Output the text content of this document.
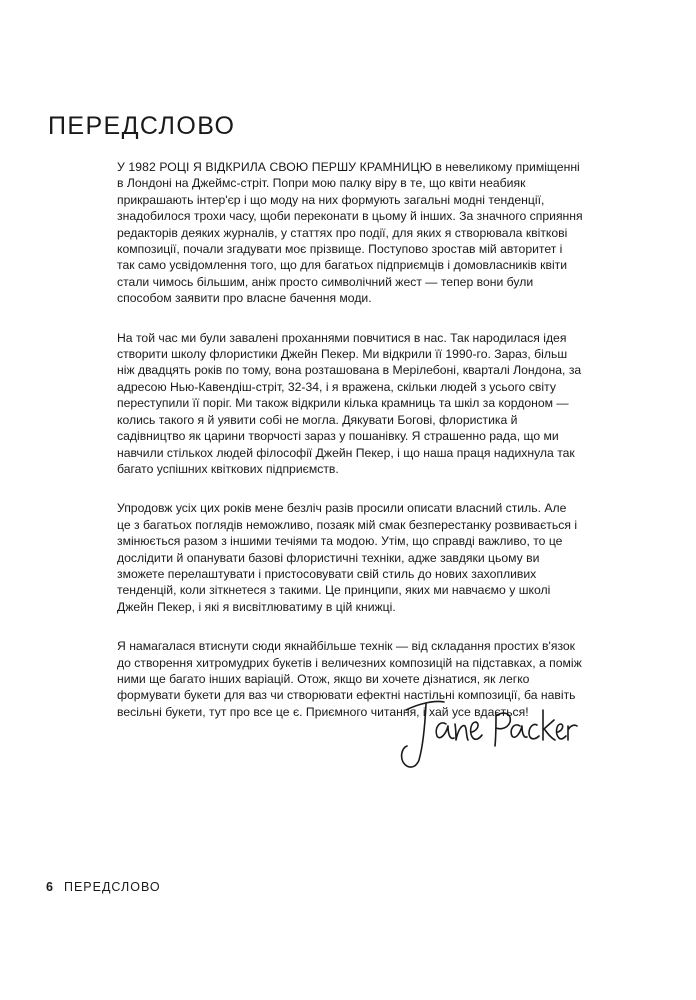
ПЕРЕДСЛОВО

У 1982 РОЦІ Я ВІДКРИЛА СВОЮ ПЕРШУ КРАМНИЦЮ в невеликому приміщенні в Лондоні на Джеймс-стріт. Попри мою палку віру в те, що квіти неабияк прикрашають інтер'єр і що моду на них формують загальні модні тенденції, знадобилося трохи часу, щоби переконати в цьому й інших. За значного сприяння редакторів деяких журналів, у статтях про події, для яких я створювала квіткові композиції, почали згадувати моє прізвище. Поступово зростав мій авторитет і так само усвідомлення того, що для багатьох підприємців і домовласників квіти стали чимось більшим, аніж просто символічний жест — тепер вони були способом заявити про власне бачення моди.

На той час ми були завалені проханнями повчитися в нас. Так народилася ідея створити школу флористики Джейн Пекер. Ми відкрили її 1990-го. Зараз, більш ніж двадцять років по тому, вона розташована в Мерілебоні, кварталі Лондона, за адресою Нью-Кавендіш-стріт, 32-34, і я вражена, скільки людей з усього світу переступили її поріг. Ми також відкрили кілька крамниць та шкіл за кордоном — колись такого я й уявити собі не могла. Дякувати Богові, флористика й садівництво як царини творчості зараз у пошанівку. Я страшенно рада, що ми навчили стількох людей філософії Джейн Пекер, і що наша праця надихнула так багато успішних квіткових підприємств.

Упродовж усіх цих років мене безліч разів просили описати власний стиль. Але це з багатьох поглядів неможливо, позаяк мій смак безперестанку розвивається і змінюється разом з іншими течіями та модою. Утім, що справді важливо, то це дослідити й опанувати базові флористичні техніки, адже завдяки цьому ви зможете перелаштувати і пристосовувати свій стиль до нових захопливих тенденцій, коли зіткнетеся з такими. Це принципи, яких ми навчаємо у школі Джейн Пекер, і які я висвітлюватиму в цій книжці.

Я намагалася втиснути сюди якнайбільше технік — від складання простих в'язок до створення хитромудрих букетів і величезних композицій на підставках, а поміж ними ще багато інших варіацій. Отож, якщо ви хочете дізнатися, як легко формувати букети для ваз чи створювати ефектні настільні композиції, ба навіть весільні букети, тут про все це є. Приємного читання, і хай усе вдається!

6 ПЕРЕДСЛОВО
